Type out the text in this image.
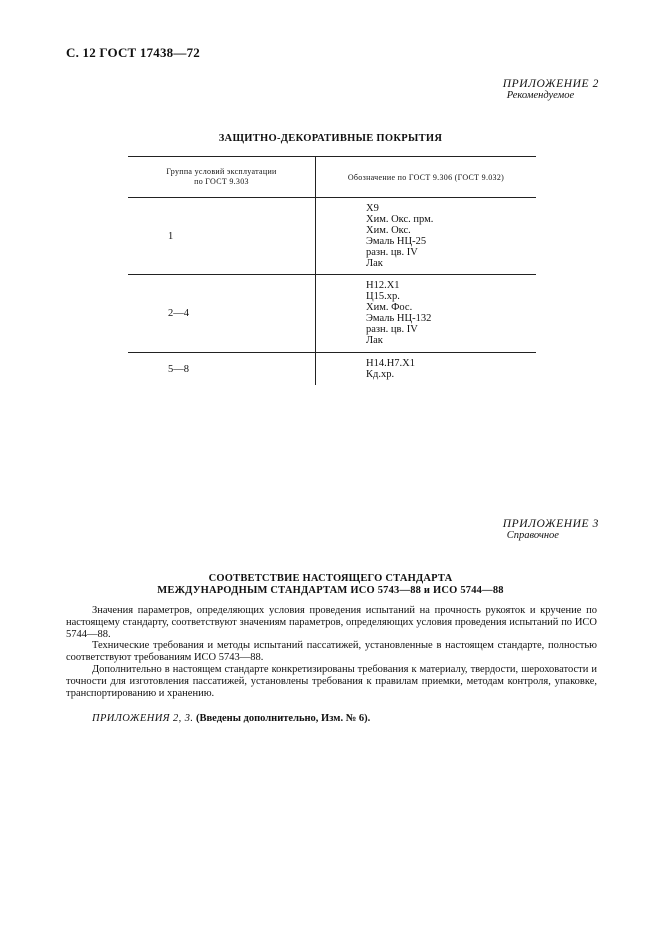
С. 12 ГОСТ 17438—72
ПРИЛОЖЕНИЕ 2
Рекомендуемое
ЗАЩИТНО-ДЕКОРАТИВНЫЕ ПОКРЫТИЯ
Группа условий эксплуатации
по ГОСТ 9.303	Обозначение по ГОСТ 9.306 (ГОСТ 9.032)
1
Х9
Хим. Окс. прм.
Хим. Окс.
Эмаль НЦ-25
разн. цв. IV
Лак
2—4
Н12.Х1
Ц15.хр.
Хим. Фос.
Эмаль НЦ-132
разн. цв. IV
Лак
5—8	Н14.Н7.Х1
Кд.хр.
ПРИЛОЖЕНИЕ 3
Справочное
СООТВЕТСТВИЕ НАСТОЯЩЕГО СТАНДАРТА
МЕЖДУНАРОДНЫМ СТАНДАРТАМ ИСО 5743—88 и ИСО 5744—88

Значения параметров, определяющих условия проведения испытаний на прочность рукояток и кручение по настоящему стандарту, соответствуют значениям параметров, определяющих условия проведения испытаний по ИСО 5744—88.

Технические требования и методы испытаний пассатижей, установленные в настоящем стандарте, полностью соответствуют требованиям ИСО 5743—88.

Дополнительно в настоящем стандарте конкретизированы требования к материалу, твердости, шероховатости и точности для изготовления пассатижей, установлены требования к правилам приемки, методам контроля, упаковке, транспортированию и хранению.

ПРИЛОЖЕНИЯ 2, 3. (Введены дополнительно, Изм. № 6).
